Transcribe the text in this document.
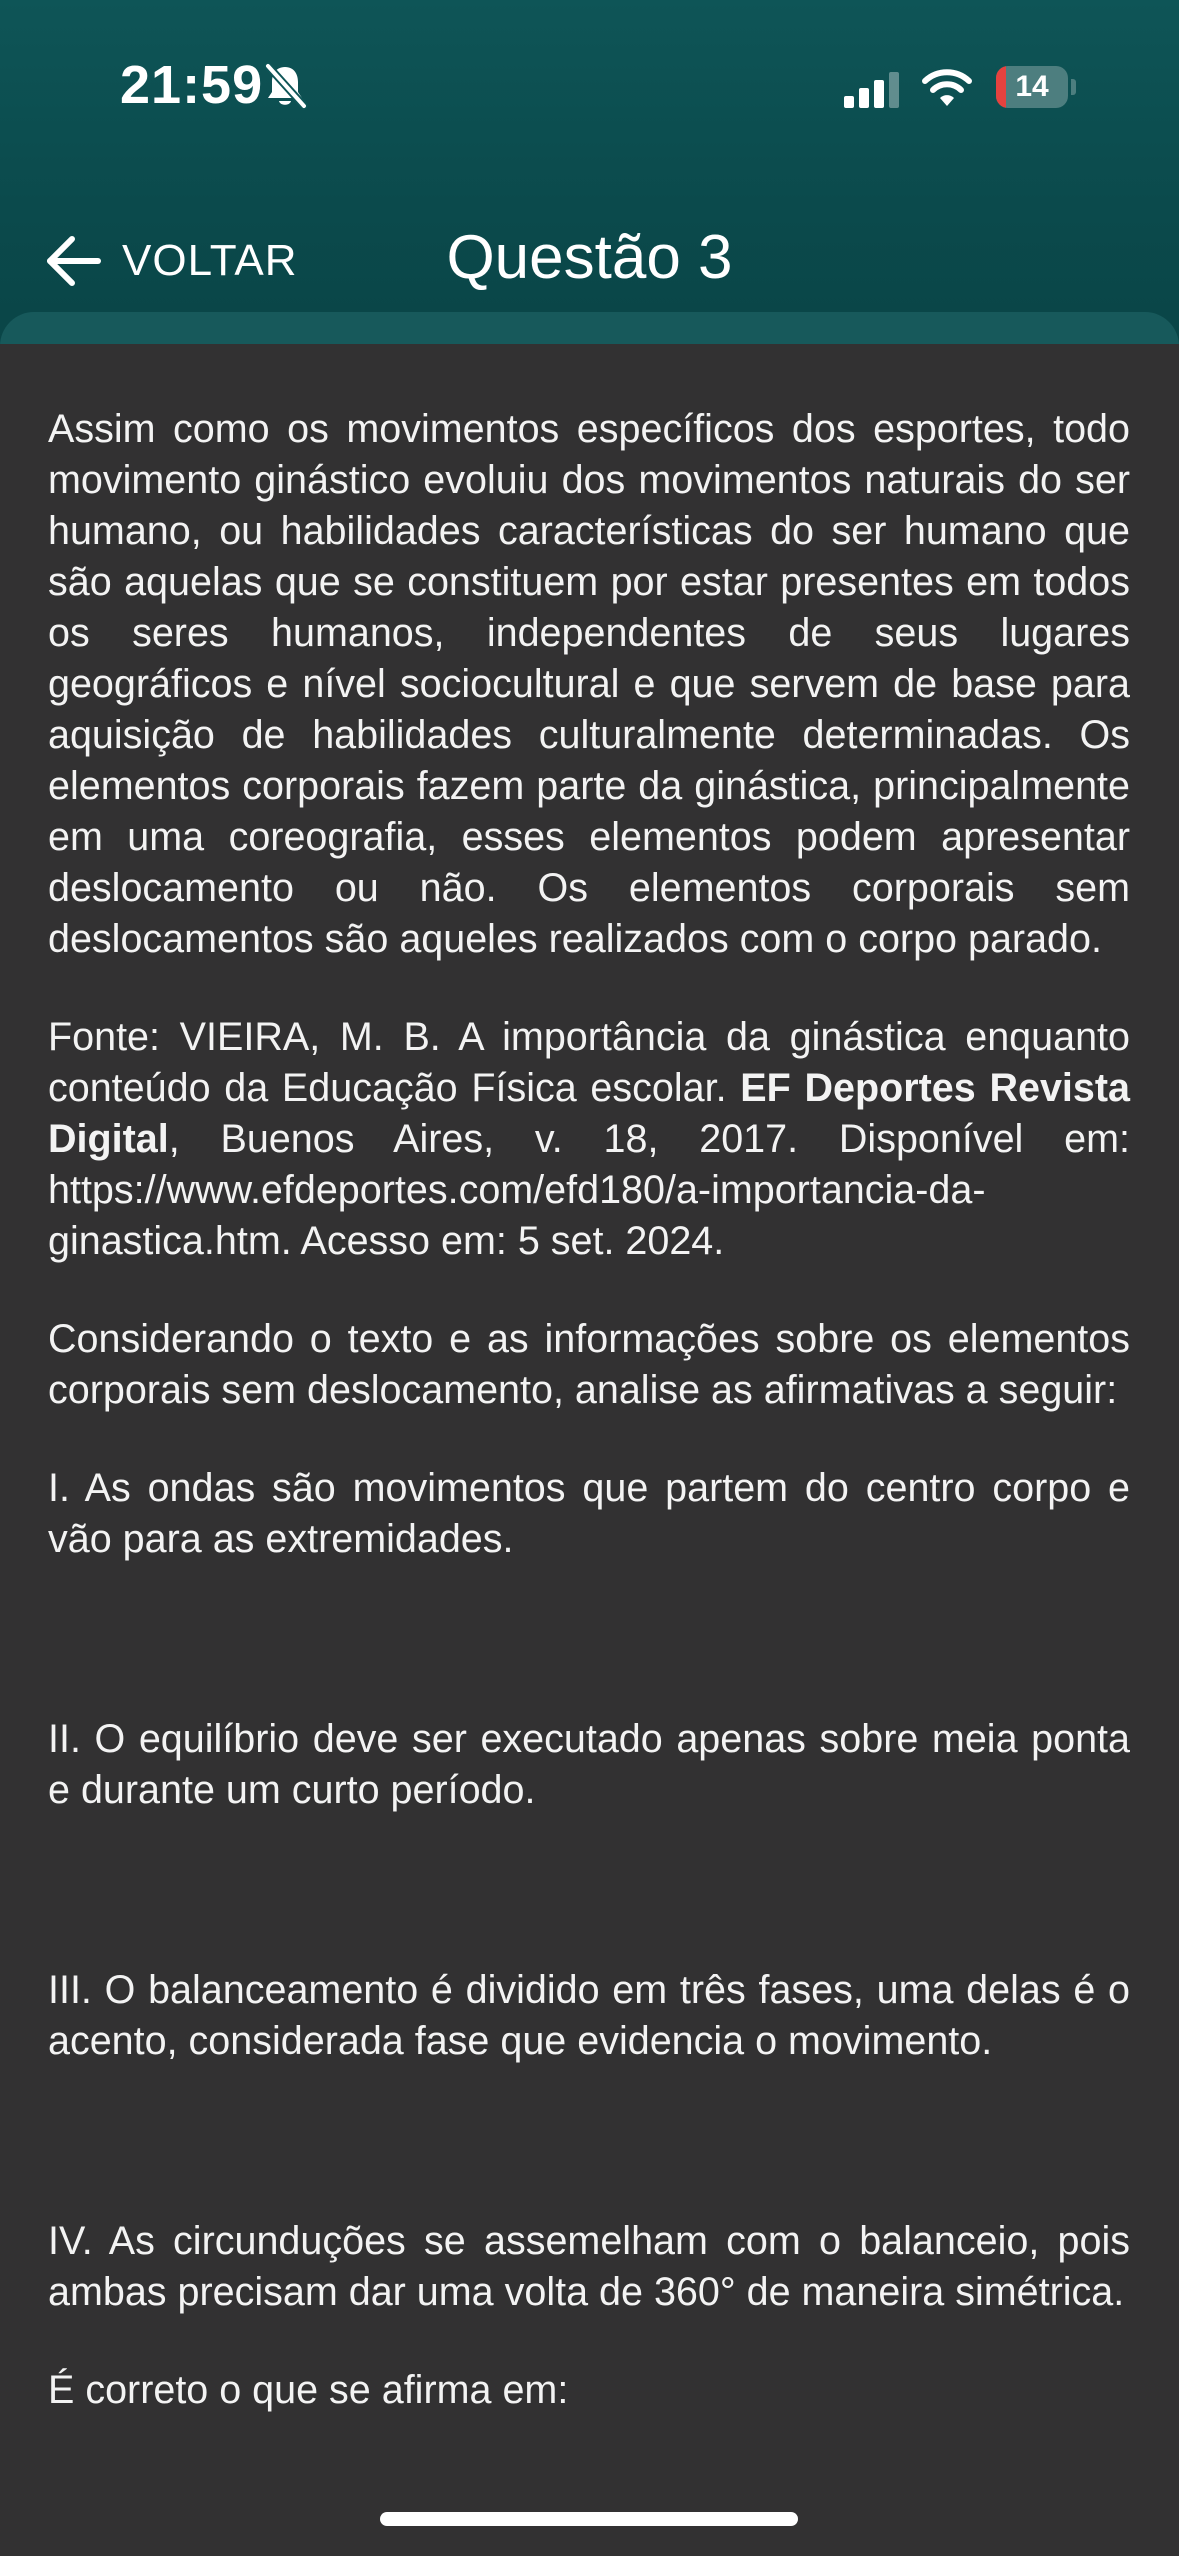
21:59	14
VOLTAR	Questão 3

Assim como os movimentos específicos dos esportes, todo movimento ginástico evoluiu dos movimentos naturais do ser humano, ou habilidades características do ser humano que são aquelas que se constituem por estar presentes em todos os seres humanos, independentes de seus lugares geográficos e nível sociocultural e que servem de base para aquisição de habilidades culturalmente determinadas. Os elementos corporais fazem parte da ginástica, principalmente em uma coreografia, esses elementos podem apresentar deslocamento ou não. Os elementos corporais sem deslocamentos são aqueles realizados com o corpo parado.

Fonte: VIEIRA, M. B. A importância da ginástica enquanto conteúdo da Educação Física escolar. EF Deportes Revista Digital, Buenos Aires, v. 18, 2017. Disponível em: https://www.efdeportes.com/efd180/a-importancia-da-ginastica.htm. Acesso em: 5 set. 2024.

Considerando o texto e as informações sobre os elementos corporais sem deslocamento, analise as afirmativas a seguir:

I. As ondas são movimentos que partem do centro corpo e vão para as extremidades.

II. O equilíbrio deve ser executado apenas sobre meia ponta e durante um curto período.

III. O balanceamento é dividido em três fases, uma delas é o acento, considerada fase que evidencia o movimento.

IV. As circunduções se assemelham com o balanceio, pois ambas precisam dar uma volta de 360° de maneira simétrica.

É correto o que se afirma em:
